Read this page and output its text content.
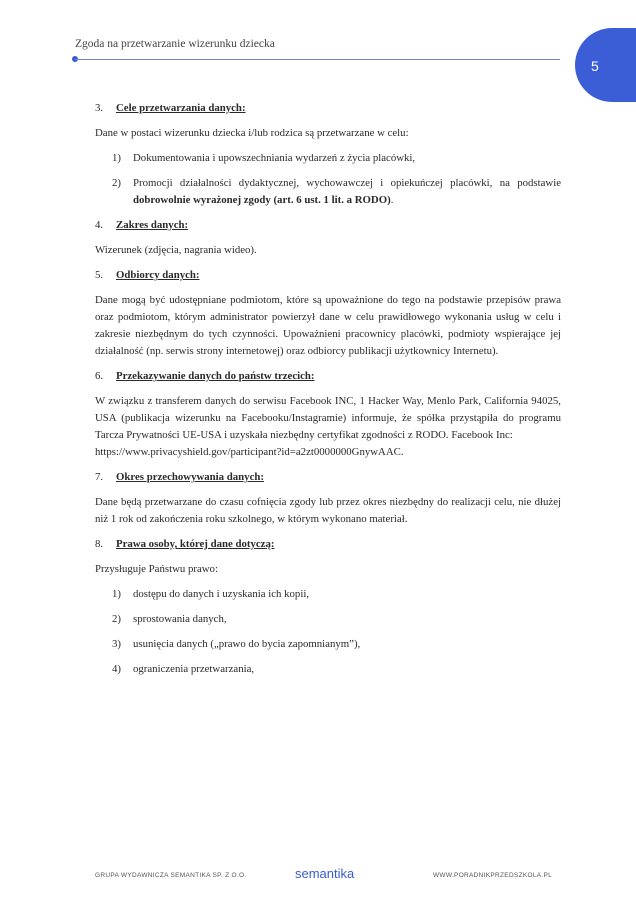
Zgoda na przetwarzanie wizerunku dziecka
5
3.	Cele przetwarzania danych:

Dane w postaci wizerunku dziecka i/lub rodzica są przetwarzane w celu:

1)	Dokumentowania i upowszechniania wydarzeń z życia placówki,
2)	Promocji działalności dydaktycznej, wychowawczej i opiekuńczej placówki, na podstawie dobrowolnie wyrażonej zgody (art. 6 ust. 1 lit. a RODO).
4.	Zakres danych:

Wizerunek (zdjęcia, nagrania wideo).

5.	Odbiorcy danych:

Dane mogą być udostępniane podmiotom, które są upoważnione do tego na podstawie przepisów prawa oraz podmiotom, którym administrator powierzył dane w celu prawidłowego wykonania usług w celu i zakresie niezbędnym do tych czynności. Upoważnieni pracownicy placówki, podmioty wspierające jej działalność (np. serwis strony internetowej) oraz odbiorcy publikacji użytkownicy Internetu).

6.	Przekazywanie danych do państw trzecich:

W związku z transferem danych do serwisu Facebook INC, 1 Hacker Way, Menlo Park, California 94025, USA (publikacja wizerunku na Facebooku/Instagramie) informuje, że spółka przystąpiła do programu Tarcza Prywatności UE-USA i uzyskała niezbędny certyfikat zgodności z RODO. Facebook Inc:
https://www.privacyshield.gov/participant?id=a2zt0000000GnywAAC.

7.	Okres przechowywania danych:

Dane będą przetwarzane do czasu cofnięcia zgody lub przez okres niezbędny do realizacji celu, nie dłużej niż 1 rok od zakończenia roku szkolnego, w którym wykonano materiał.

8.	Prawa osoby, której dane dotyczą:

Przysługuje Państwu prawo:

1)	dostępu do danych i uzyskania ich kopii,
2)	sprostowania danych,
3)	usunięcia danych („prawo do bycia zapomnianym”),
4)	ograniczenia przetwarzania,
GRUPA WYDAWNICZA SEMANTIKA SP. Z O.O.	semantika	WWW.PORADNIKPRZEDSZKOLA.PL
